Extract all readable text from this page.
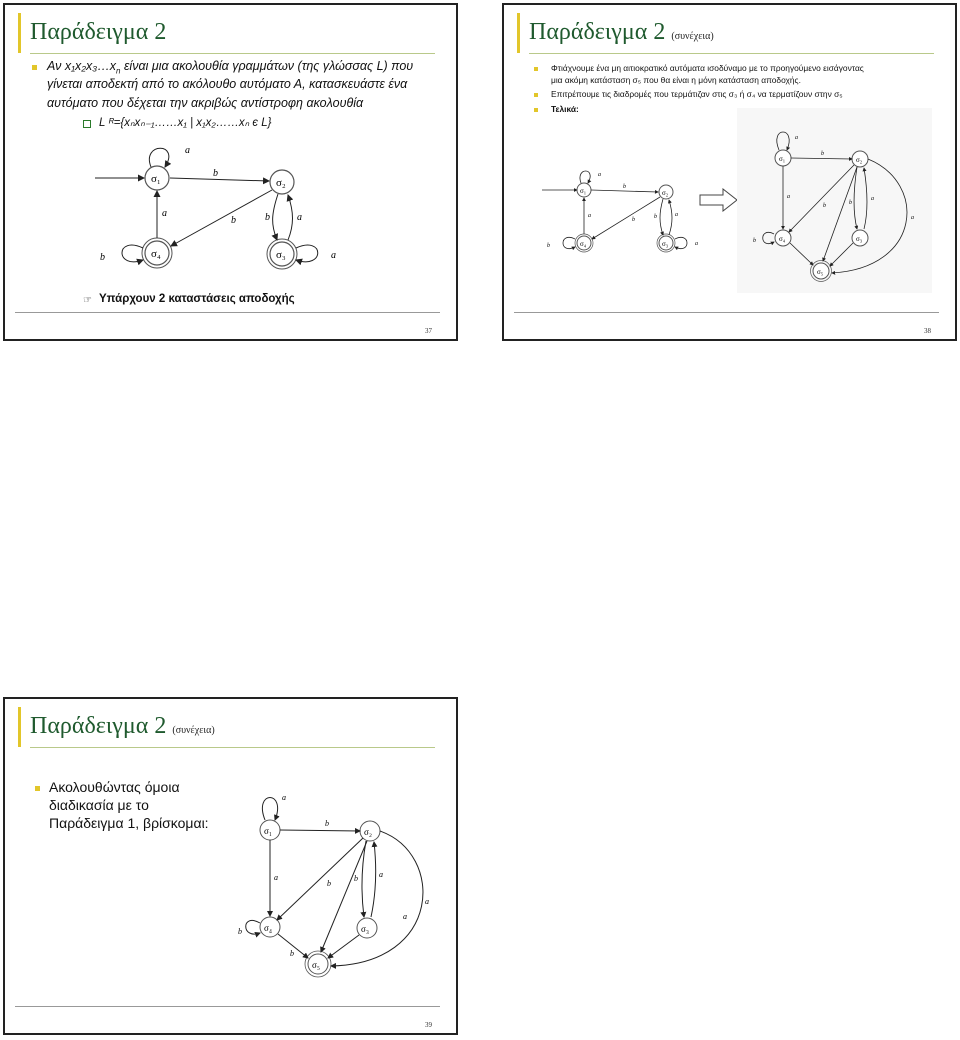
Παράδειγμα 2
Αν $x_1x_2x_3\dots x_n$ είναι μια ακολουθία γραμμάτων (της γλώσσας L) που
γίνεται αποδεκτή από το ακόλουθο αυτόματο Α, κατασκευάστε ένα
αυτόματο που δέχεται την ακριβώς αντίστροφη ακολουθία
L ᴿ={xₙxₙ₋₁……x₁ | x₁x₂……xₙ є L}
σ₁	σ₂
σ₃
σ₄
a
b
a
b	b	a
b	a
☞ Υπάρχουν 2 καταστάσεις αποδοχής
37
Παράδειγμα 2 (συνέχεια)
Φτιάχνουμε ένα μη αιτιοκρατικό αυτόματα ισοδύναμο με το προηγούμενο εισάγοντας
μια ακόμη κατάσταση σ₅ που θα είναι η μόνη κατάσταση αποδοχής.
Επιτρέπουμε τις διαδρομές που τερμάτιζαν στις σ₃ ή σ₄ να τερματίζουν στην σ₅
Τελικά:
σ₁	σ₂
σ₄	σ₃
a
b
a
b	b	a
b	a
σ₁	σ₂
σ₄	σ₃
σ₅
a
b
a
b	b
a
b
a
38
Παράδειγμα 2 (συνέχεια)
Ακολουθώντας όμοια
διαδικασία με το
Παράδειγμα 1, βρίσκομαι:	σ₁	σ₂
σ₄	σ₃
σ₅
a
b
a
b
b	a
b
a
a
b
39
